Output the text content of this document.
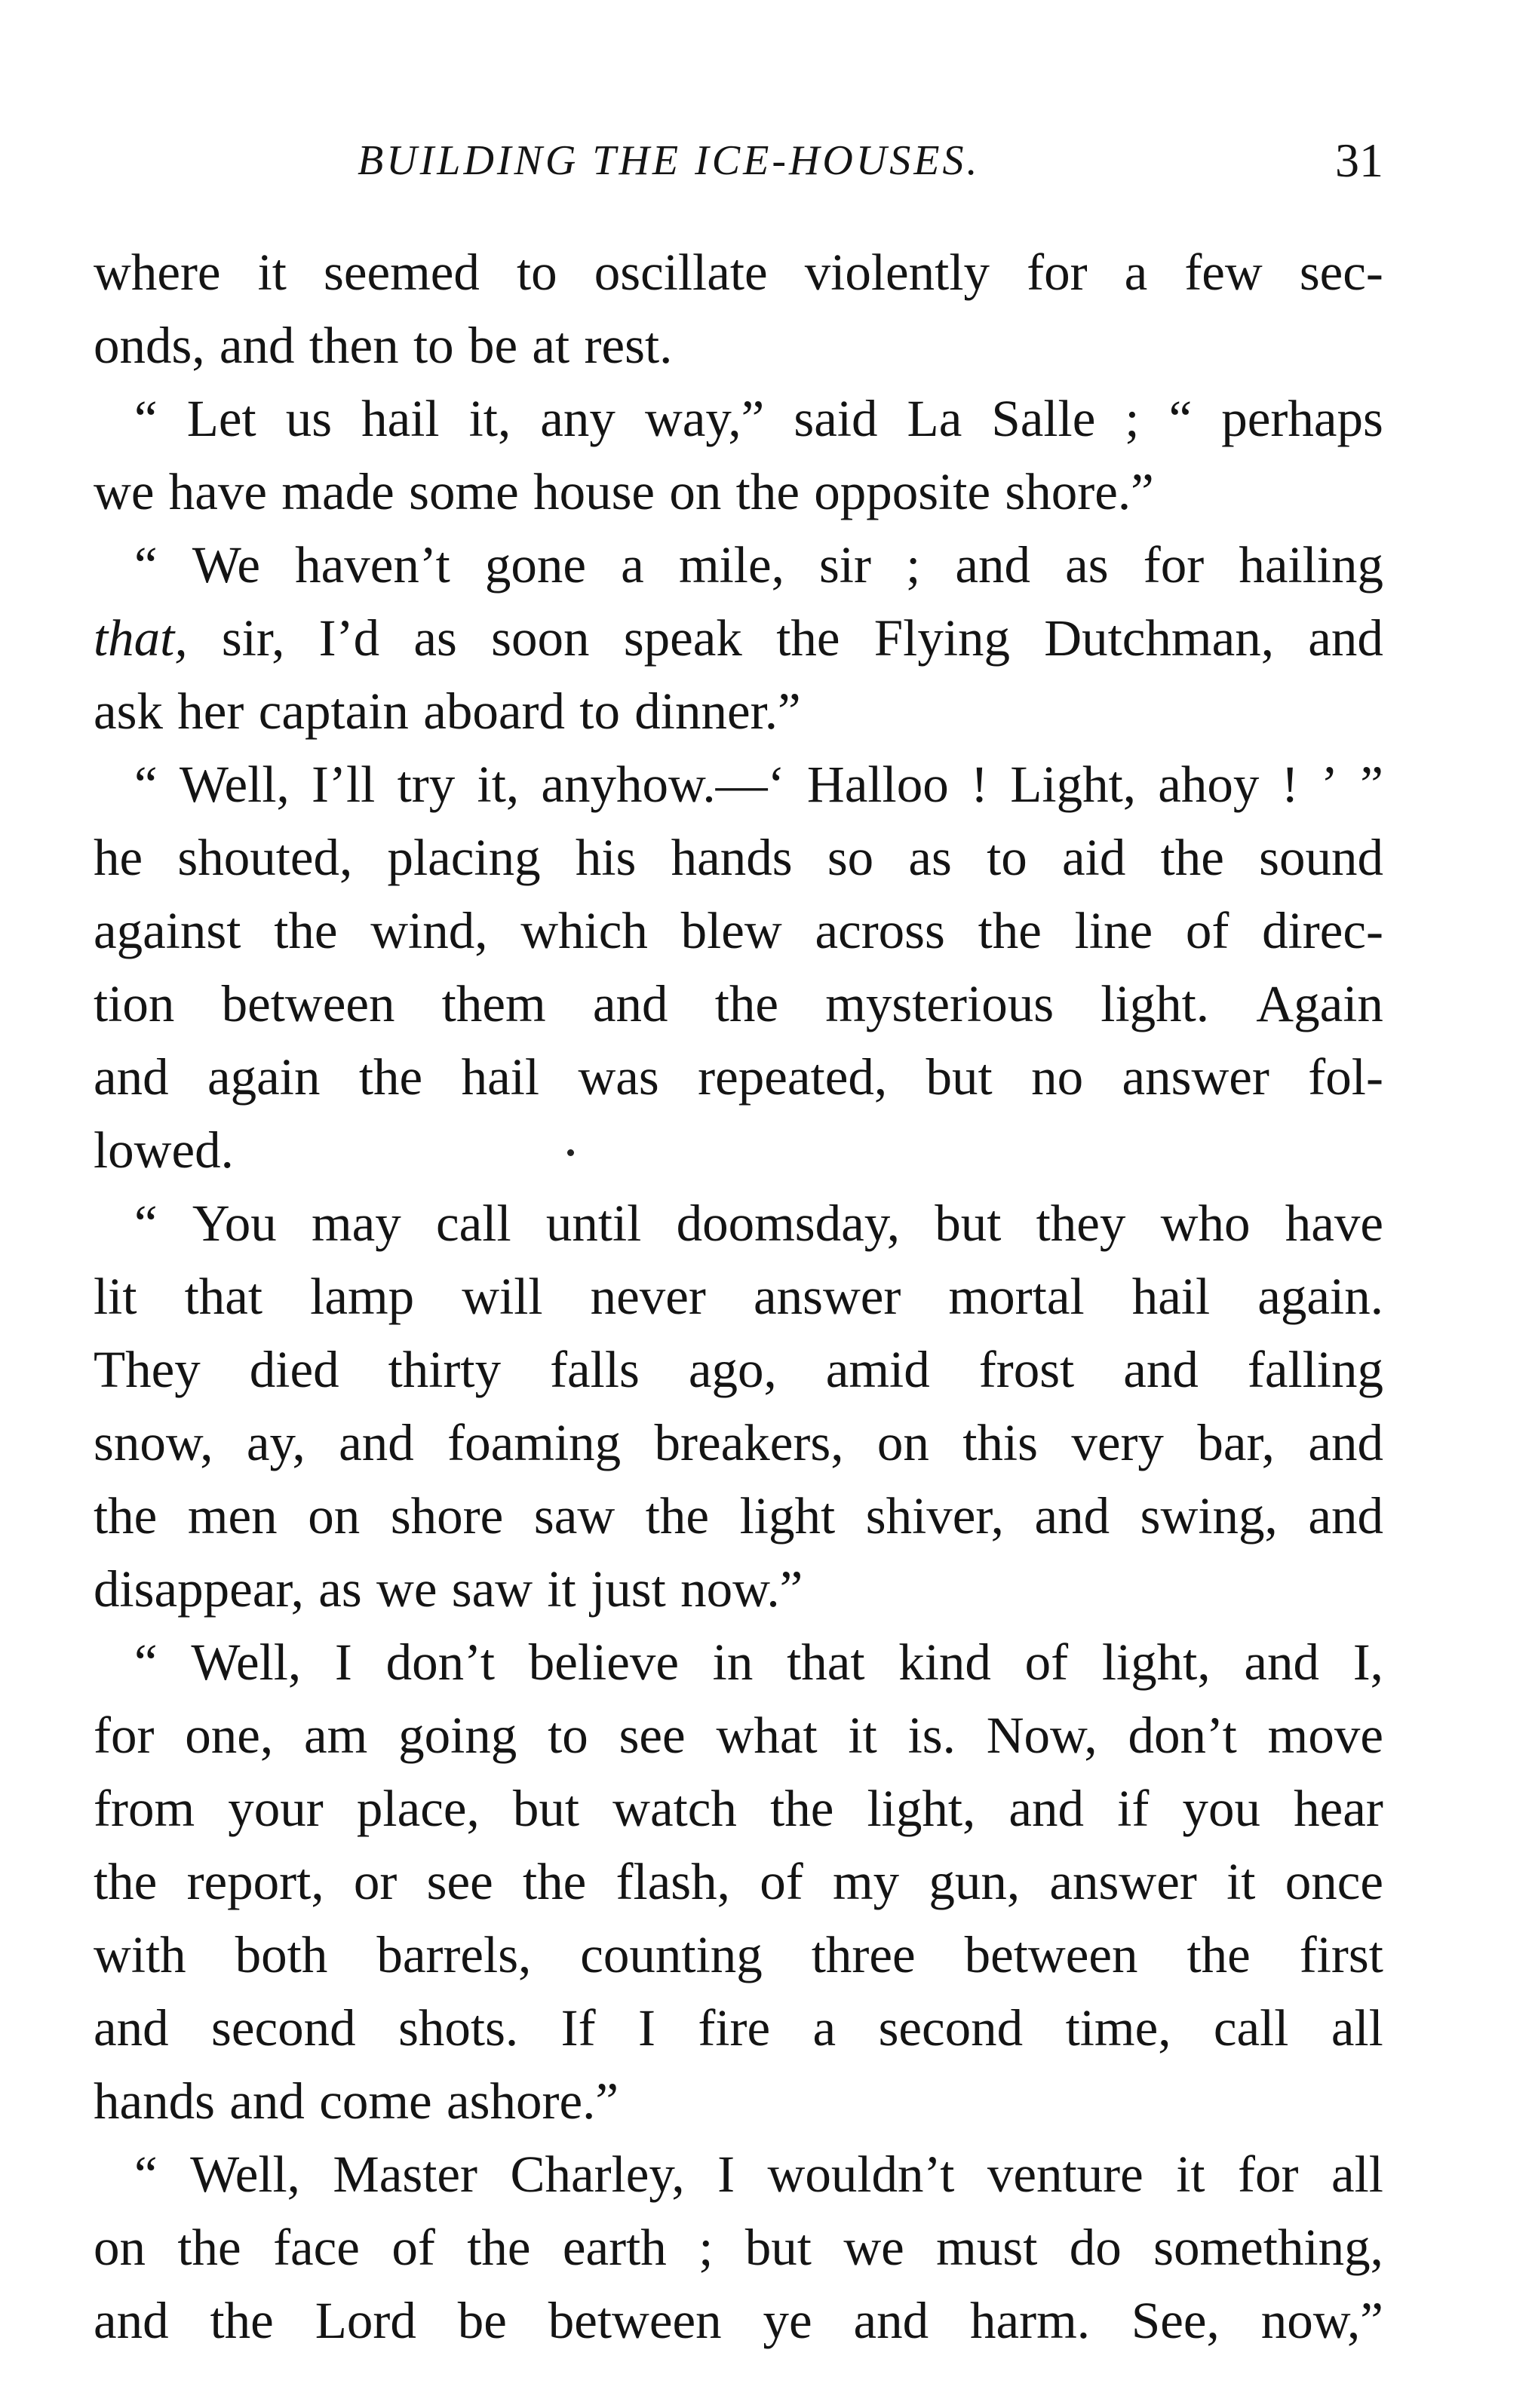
BUILDING THE ICE-HOUSES.	31
where it seemed to oscillate violently for a few sec-
onds, and then to be at rest.
“ Let us hail it, any way,” said La Salle ; “ perhaps
we have made some house on the opposite shore.”
“ We haven’t gone a mile, sir ; and as for hailing
that, sir, I’d as soon speak the Flying Dutchman, and
ask her captain aboard to dinner.”
“ Well, I’ll try it, anyhow.—‘ Halloo ! Light, ahoy ! ’ ”
he shouted, placing his hands so as to aid the sound
against the wind, which blew across the line of direc-
tion between them and the mysterious light. Again
and again the hail was repeated, but no answer fol-
lowed.
“ You may call until doomsday, but they who have
lit that lamp will never answer mortal hail again.
They died thirty falls ago, amid frost and falling
snow, ay, and foaming breakers, on this very bar, and
the men on shore saw the light shiver, and swing, and
disappear, as we saw it just now.”
“ Well, I don’t believe in that kind of light, and I,
for one, am going to see what it is. Now, don’t move
from your place, but watch the light, and if you hear
the report, or see the flash, of my gun, answer it once
with both barrels, counting three between the first
and second shots. If I fire a second time, call all
hands and come ashore.”
“ Well, Master Charley, I wouldn’t venture it for all
on the face of the earth ; but we must do something,
and the Lord be between ye and harm. See, now,”
